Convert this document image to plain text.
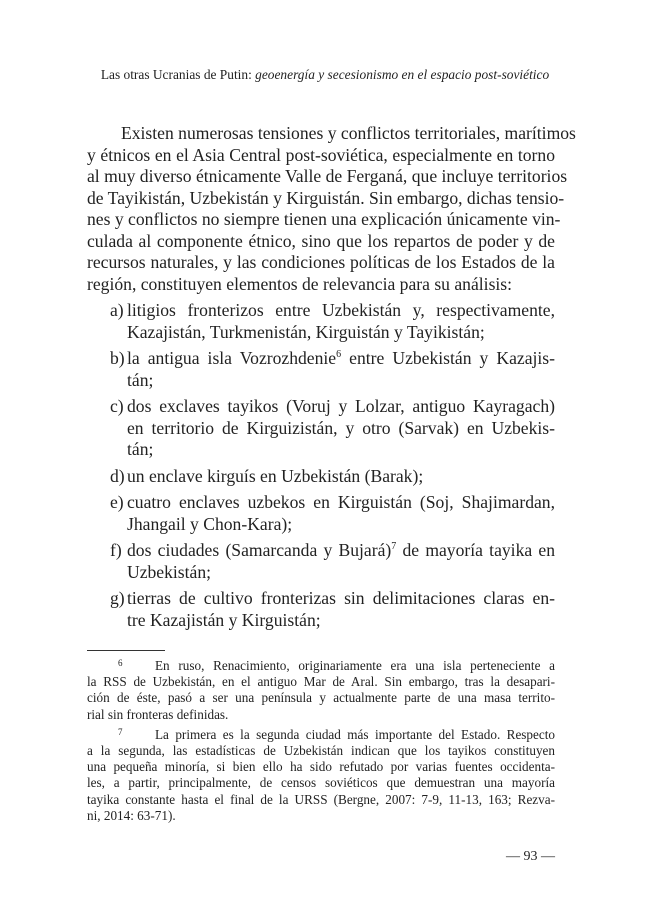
Las otras Ucranias de Putin: geoenergía y secesionismo en el espacio post-soviético

Existen numerosas tensiones y conflictos territoriales, marítimos
y étnicos en el Asia Central post-soviética, especialmente en torno
al muy diverso étnicamente Valle de Ferganá, que incluye territorios
de Tayikistán, Uzbekistán y Kirguistán. Sin embargo, dichas tensio-
nes y conflictos no siempre tienen una explicación únicamente vin-
culada al componente étnico, sino que los repartos de poder y de
recursos naturales, y las condiciones políticas de los Estados de la
región, constituyen elementos de relevancia para su análisis:

a) litigios fronterizos entre Uzbekistán y, respectivamente,
Kazajistán, Turkmenistán, Kirguistán y Tayikistán;
b) la antigua isla Vozrozhdenie$^6$ entre Uzbekistán y Kazajis-
tán;
c) dos exclaves tayikos (Voruj y Lolzar, antiguo Kayragach)
en territorio de Kirguizistán, y otro (Sarvak) en Uzbekis-
tán;
d) un enclave kirguís en Uzbekistán (Barak);
e) cuatro enclaves uzbekos en Kirguistán (Soj, Shajimardan,
Jhangail y Chon-Kara);
f) dos ciudades (Samarcanda y Bujará)$^7$ de mayoría tayika en
Uzbekistán;
g) tierras de cultivo fronterizas sin delimitaciones claras en-
tre Kazajistán y Kirguistán;
6 En ruso, Renacimiento, originariamente era una isla perteneciente a
la RSS de Uzbekistán, en el antiguo Mar de Aral. Sin embargo, tras la desapari-
ción de éste, pasó a ser una península y actualmente parte de una masa territo-
rial sin fronteras definidas.
7 La primera es la segunda ciudad más importante del Estado. Respecto
a la segunda, las estadísticas de Uzbekistán indican que los tayikos constituyen
una pequeña minoría, si bien ello ha sido refutado por varias fuentes occidenta-
les, a partir, principalmente, de censos soviéticos que demuestran una mayoría
tayika constante hasta el final de la URSS (Bergne, 2007: 7-9, 11-13, 163; Rezva-
ni, 2014: 63-71).
— 93 —
